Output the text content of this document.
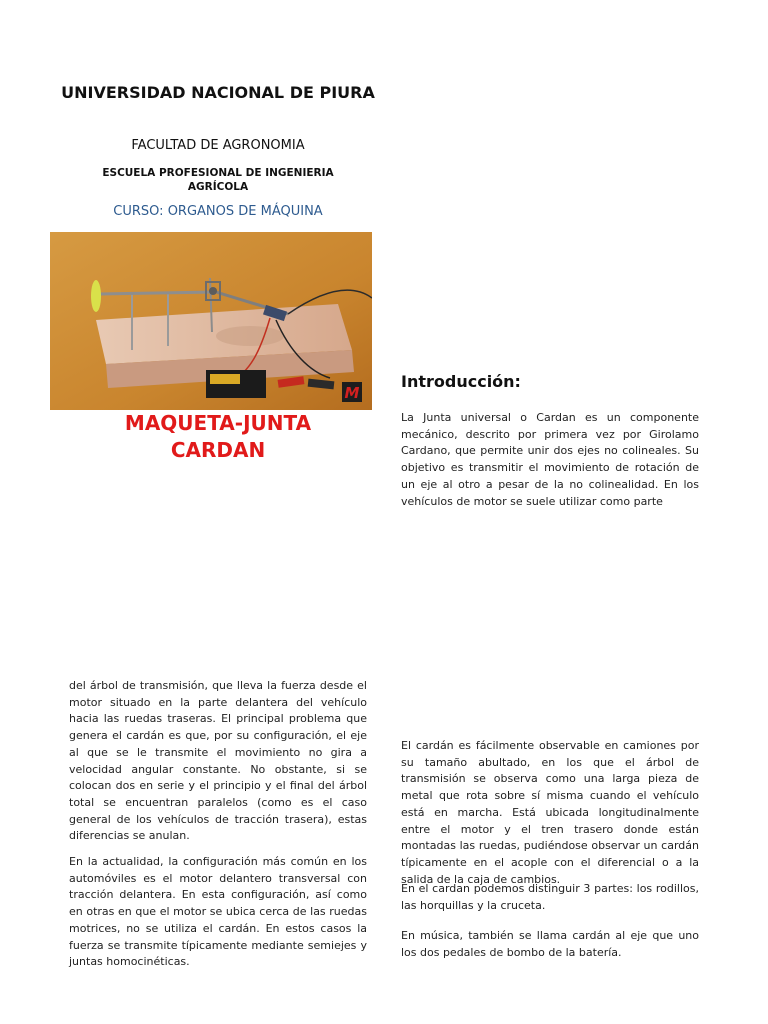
UNIVERSIDAD NACIONAL DE PIURA
FACULTAD DE AGRONOMIA
ESCUELA PROFESIONAL DE INGENIERIA AGRÍCOLA
CURSO: ORGANOS DE MÁQUINA
M
MAQUETA-JUNTA
CARDAN
Introducción:
La Junta universal o Cardan es un componente mecánico, descrito por primera vez por Girolamo Cardano, que permite unir dos ejes no colineales. Su objetivo es transmitir el movimiento de rotación de un eje al otro a pesar de la no colinealidad. En los vehículos de motor se suele utilizar como parte
del árbol de transmisión, que lleva la fuerza desde el motor situado en la parte delantera del vehículo hacia las ruedas traseras. El principal problema que genera el cardán es que, por su configuración, el eje al que se le transmite el movimiento no gira a velocidad angular constante. No obstante, si se colocan dos en serie y el principio y el final del árbol total se encuentran paralelos (como es el caso general de los vehículos de tracción trasera), estas diferencias se anulan.
En la actualidad, la configuración más común en los automóviles es el motor delantero transversal con tracción delantera. En esta configuración, así como en otras en que el motor se ubica cerca de las ruedas motrices, no se utiliza el cardán. En estos casos la fuerza se transmite típicamente mediante semiejes y juntas homocinéticas.
El cardán es fácilmente observable en camiones por su tamaño abultado, en los que el árbol de transmisión se observa como una larga pieza de metal que rota sobre sí misma cuando el vehículo está en marcha. Está ubicada longitudinalmente entre el motor y el tren trasero donde están montadas las ruedas, pudiéndose observar un cardán típicamente en el acople con el diferencial o a la salida de la caja de cambios.
En el cardan podemos distinguir 3 partes: los rodillos, las horquillas y la cruceta.
En música, también se llama cardán al eje que uno los dos pedales de bombo de la batería.
